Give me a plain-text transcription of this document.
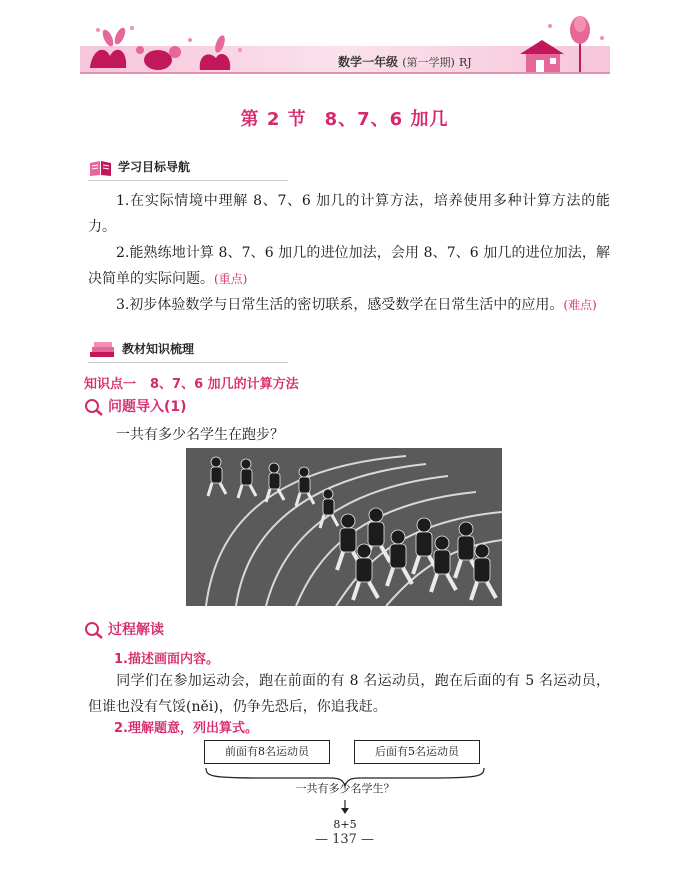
数学一年级 (第一学期) RJ
第 2 节 8、7、6 加几
学习目标导航
1.在实际情境中理解 8、7、6 加几的计算方法，培养使用多种计算方法的能力。
2.能熟练地计算 8、7、6 加几的进位加法，会用 8、7、6 加几的进位加法，解决简单的实际问题。(重点)
3.初步体验数学与日常生活的密切联系，感受数学在日常生活中的应用。(难点)
教材知识梳理
知识点一 8、7、6 加几的计算方法
问题导入(1)
一共有多少名学生在跑步？
过程解读
1.描述画面内容。
同学们在参加运动会，跑在前面的有 8 名运动员，跑在后面的有 5 名运动员，但谁也没有气馁(něi)，仍争先恐后，你追我赶。
2.理解题意，列出算式。
前面有8名运动员	后面有5名运动员
一共有多少名学生？
8+5
— 137 —
